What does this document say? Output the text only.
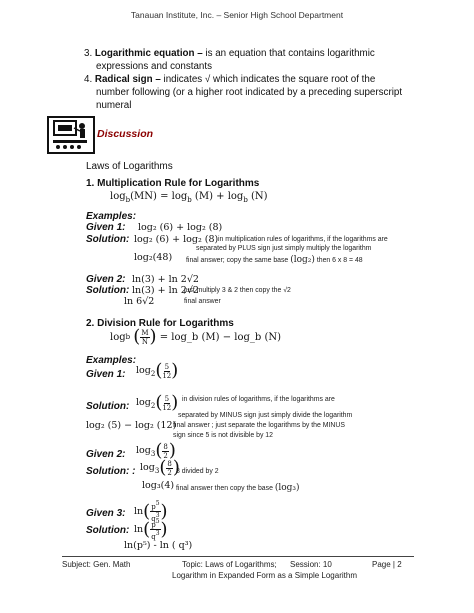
Tanauan Institute, Inc. – Senior High School Department
3. Logarithmic equation – is an equation that contains logarithmic
expressions and constants
4. Radical sign – indicates √ which indicates the square root of the
number following (or a higher root indicated by a preceding superscript
numeral
Discussion
Laws of Logarithms
1. Multiplication Rule for Logarithms
$\log_b(MN) = \log_b (M) + \log_b (N)$
Examples:
Given 1: log₂ (6) + log₂ (8)
Solution: log₂ (6) + log₂ (8) in multiplication rules of logarithms, if the logarithms are
separated by PLUS sign just simply multiply the logarithm
log₂(48) final answer; copy the same base (log₂) then 6 x 8 = 48
Given 2: ln(3) + ln 2√2
Solution: ln(3) + ln 2√2
just multiply 3 & 2 then copy the √2
ln 6√2	final answer
2. Division Rule for Logarithms
log b
( $\frac{M}{N}$ )
= log_b (M) − log_b (N)
Examples:
Given 1: $\log_2$ ( $\frac{5}{12}$ )
Solution: $\log_2$ ( $\frac{5}{12}$ ) in division rules of logarithms, if the logarithms are
separated by MINUS sign just simply divide the logarithm
log₂ (5) − log₂ (12)
final answer ; just separate the logarithms by the MINUS
sign since 5 is not divisible by 12
Given 2: $\log_3$ ( $\frac{8}{2}$ )
Solution: : $\log_3$ ( $\frac{8}{2}$ )
8 divided by 2
log₃(4) final answer then copy the base (log₃)
Given 3: ln ( $\frac{p5}{q3}$ )
Solution: ln ( $\frac{p5}{q3}$ )
ln(p⁵) - ln ( q³)
Subject: Gen. Math	Topic: Laws of Logarithms; Session: 10	Page | 2
Logarithm in Expanded Form as a Simple Logarithm
